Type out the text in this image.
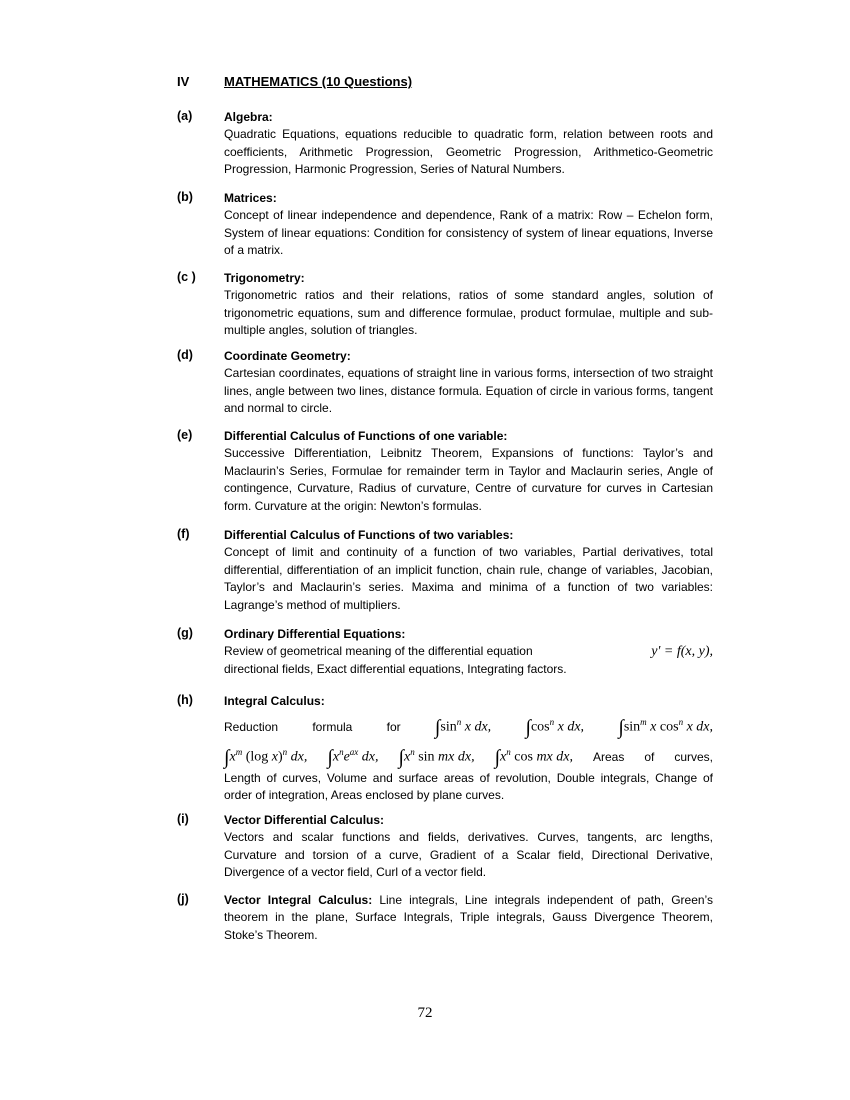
IV	MATHEMATICS (10 Questions)
(a)	Algebra:
Quadratic Equations, equations reducible to quadratic form, relation between roots and coefficients, Arithmetic Progression, Geometric Progression, Arithmetico-Geometric Progression, Harmonic Progression, Series of Natural Numbers.
(b)	Matrices:
Concept of linear independence and dependence, Rank of a matrix: Row – Echelon form, System of linear equations: Condition for consistency of system of linear equations, Inverse of a matrix.
(c ) Trigonometry:
Trigonometric ratios and their relations, ratios of some standard angles, solution of trigonometric equations, sum and difference formulae, product formulae, multiple and sub-multiple angles, solution of triangles.
(d)	Coordinate Geometry:
Cartesian coordinates, equations of straight line in various forms, intersection of two straight lines, angle between two lines, distance formula. Equation of circle in various forms, tangent and normal to circle.
(e)	Differential Calculus of Functions of one variable:
Successive Differentiation, Leibnitz Theorem, Expansions of functions: Taylor’s and Maclaurin’s Series, Formulae for remainder term in Taylor and Maclaurin series, Angle of contingence, Curvature, Radius of curvature, Centre of curvature for curves in Cartesian form. Curvature at the origin: Newton’s formulas.
(f)	Differential Calculus of Functions of two variables:
Concept of limit and continuity of a function of two variables, Partial derivatives, total differential, differentiation of an implicit function, chain rule, change of variables, Jacobian, Taylor’s and Maclaurin’s series. Maxima and minima of a function of two variables: Lagrange’s method of multipliers.
(g)	Ordinary Differential Equations:
Review of geometrical meaning of the differential equation	y' = f(x, y),
directional fields, Exact differential equations, Integrating factors.
(h)	Integral Calculus:
Reduction	formula	for $\int\sin^n$ x dx, $\int\cos^n$ x dx, $\int\sin^m$ x $\cos^n x$ dx,
$\int x^m$ (log x)$^n$ dx, $\int x^ne^{ax}$ dx, $\int x^n$ sin mx dx, $\int x^n$ cos mx dx, Areas of curves,
Length of curves, Volume and surface areas of revolution, Double integrals, Change of order of integration, Areas enclosed by plane curves.
(i)	Vector Differential Calculus:
Vectors and scalar functions and fields, derivatives. Curves, tangents, arc lengths, Curvature and torsion of a curve, Gradient of a Scalar field, Directional Derivative, Divergence of a vector field, Curl of a vector field.
(j)	Vector Integral Calculus: Line integrals, Line integrals independent of path, Green’s theorem in the plane, Surface Integrals, Triple integrals, Gauss Divergence Theorem, Stoke’s Theorem.
72
